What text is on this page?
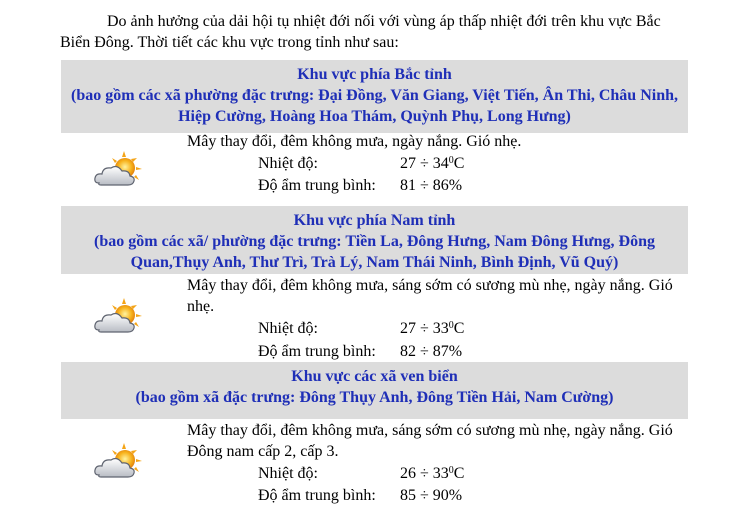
Do ảnh hưởng của dải hội tụ nhiệt đới nối với vùng áp thấp nhiệt đới trên khu vực Bắc Biển Đông. Thời tiết các khu vực trong tỉnh như sau:

Khu vực phía Bắc tỉnh
(bao gồm các xã phường đặc trưng: Đại Đồng, Văn Giang, Việt Tiến, Ân Thi, Châu Ninh, Hiệp Cường, Hoàng Hoa Thám, Quỳnh Phụ, Long Hưng)

Mây thay đổi, đêm không mưa, ngày nắng. Gió nhẹ.

Nhiệt độ:	$27 \div 34^0C$
Độ ẩm trung bình: 81 ÷ 86%
Khu vực phía Nam tỉnh
(bao gồm các xã/ phường đặc trưng: Tiền La, Đông Hưng, Nam Đông Hưng, Đông Quan,Thụy Anh, Thư Trì, Trà Lý, Nam Thái Ninh, Bình Định, Vũ Quý)

Mây thay đổi, đêm không mưa, sáng sớm có sương mù nhẹ, ngày nắng. Gió nhẹ.

Nhiệt độ:	$27 \div 33^0C$
Độ ẩm trung bình: 82 ÷ 87%
Khu vực các xã ven biển
(bao gồm xã đặc trưng: Đông Thụy Anh, Đông Tiền Hải, Nam Cường)

Mây thay đổi, đêm không mưa, sáng sớm có sương mù nhẹ, ngày nắng. Gió Đông nam cấp 2, cấp 3.

Nhiệt độ:	$26 \div 33^0C$
Độ ẩm trung bình: 85 ÷ 90%
